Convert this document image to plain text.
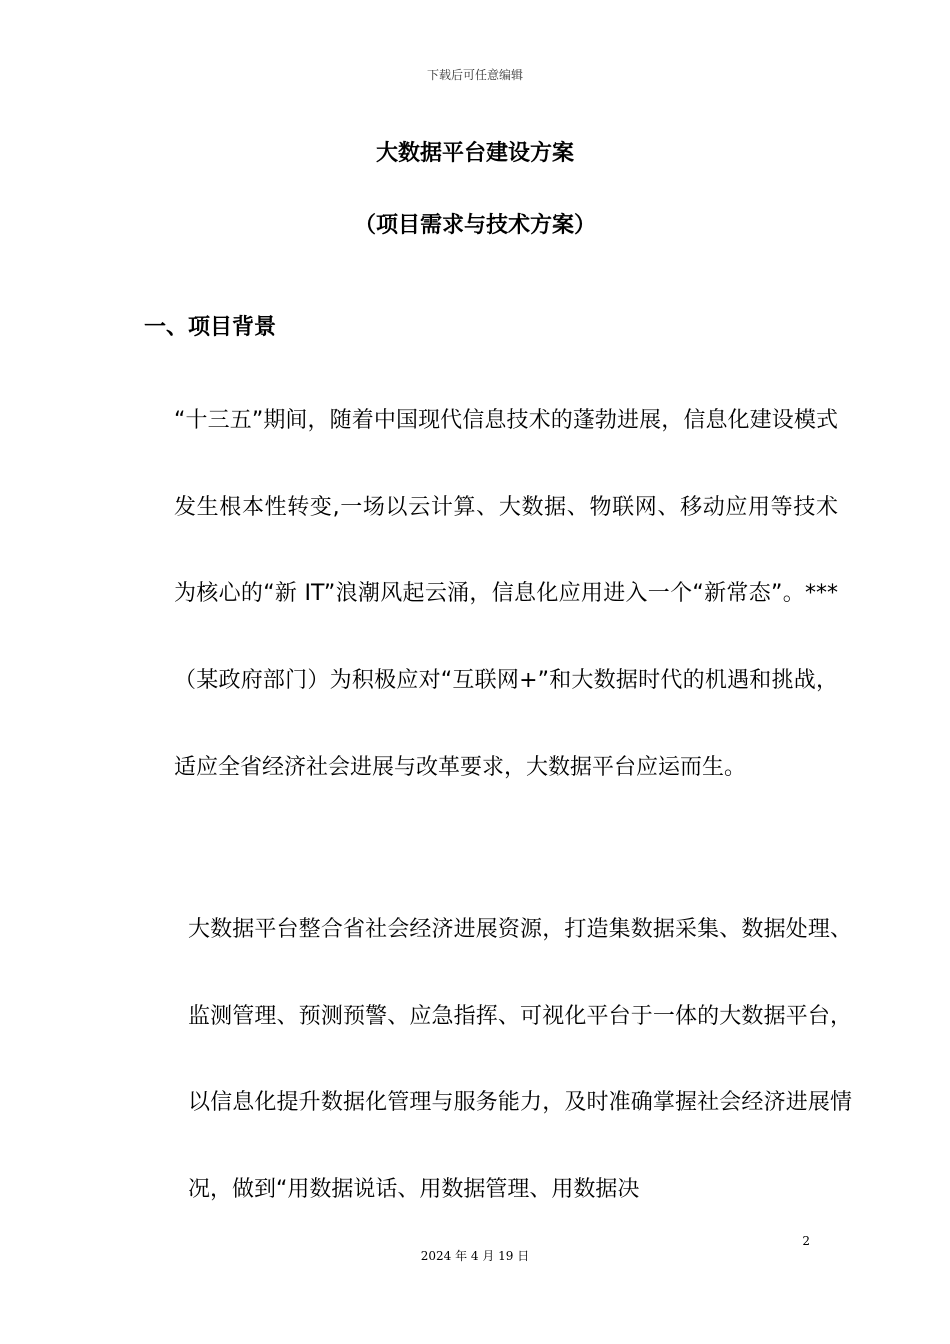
下载后可任意编辑
大数据平台建设方案
（项目需求与技术方案）
一、项目背景

“十三五”期间，随着中国现代信息技术的蓬勃进展，信息化建设模式发生根本性转变,一场以云计算、大数据、物联网、移动应用等技术为核心的“新 IT”浪潮风起云涌，信息化应用进入一个“新常态”。***（某政府部门）为积极应对“互联网+”和大数据时代的机遇和挑战，适应全省经济社会进展与改革要求，大数据平台应运而生。

大数据平台整合省社会经济进展资源，打造集数据采集、数据处理、监测管理、预测预警、应急指挥、可视化平台于一体的大数据平台，以信息化提升数据化管理与服务能力，及时准确掌握社会经济进展情况，做到“用数据说话、用数据管理、用数据决

2
2024 年 4 月 19 日
